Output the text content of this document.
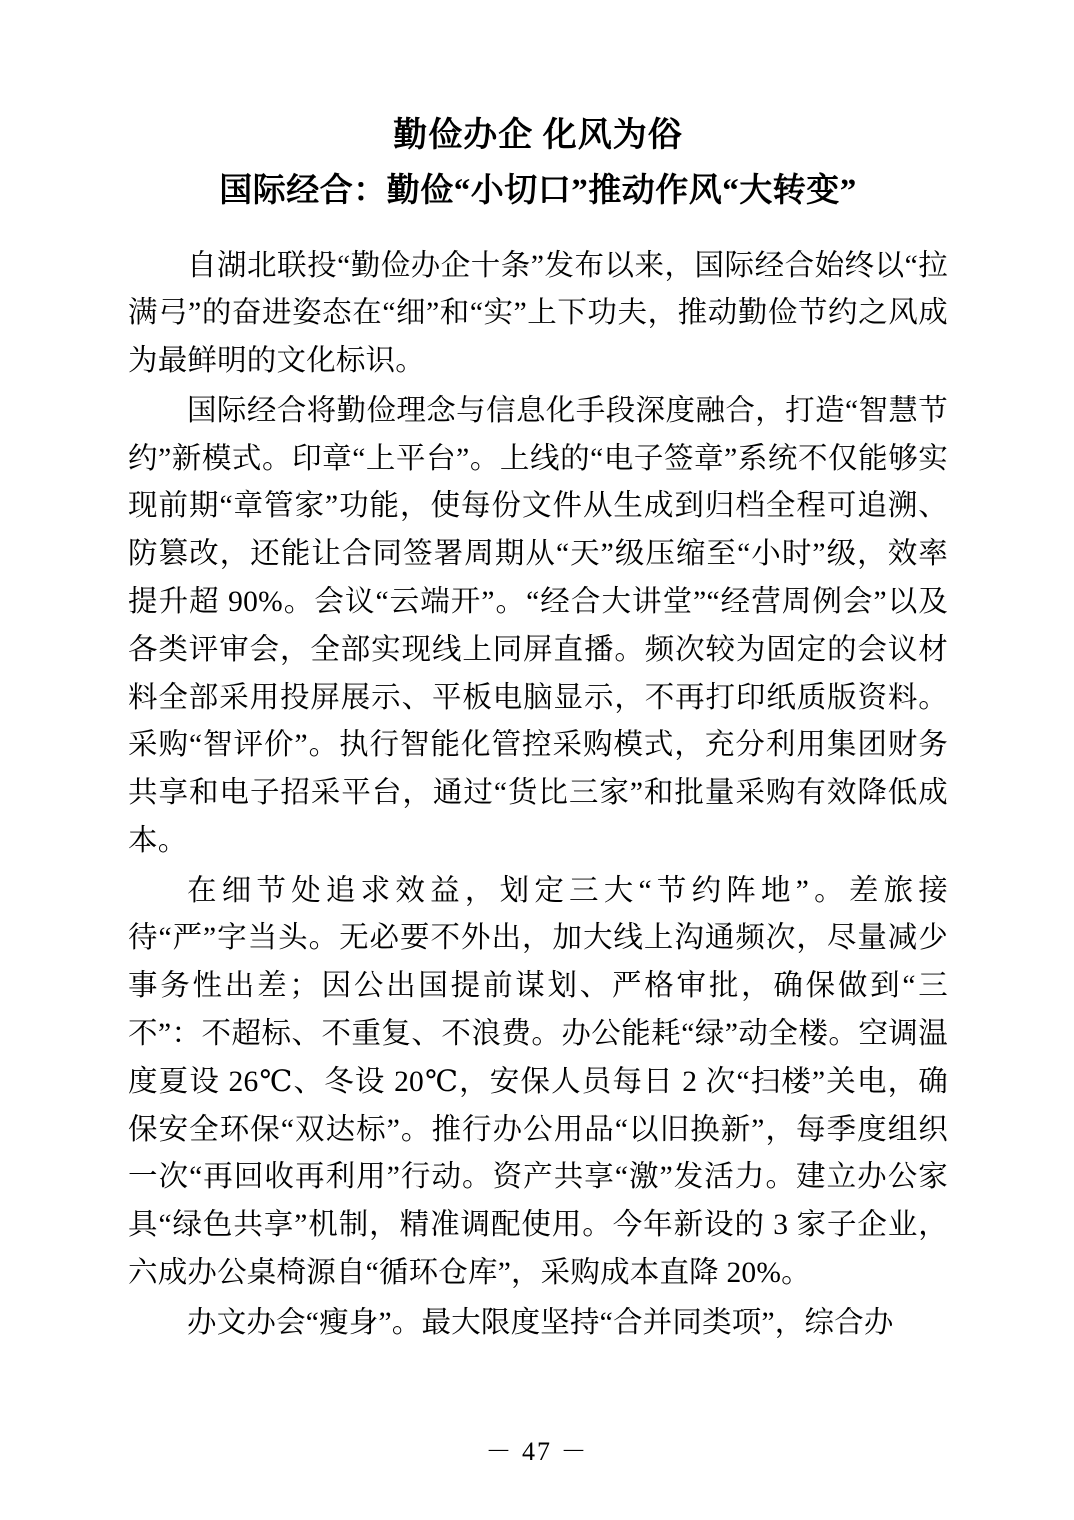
勤俭办企 化风为俗
国际经合：勤俭“小切口”推动作风“大转变”

自湖北联投“勤俭办企十条”发布以来，国际经合始终以“拉满弓”的奋进姿态在“细”和“实”上下功夫，推动勤俭节约之风成为最鲜明的文化标识。

国际经合将勤俭理念与信息化手段深度融合，打造“智慧节约”新模式。印章“上平台”。上线的“电子签章”系统不仅能够实现前期“章管家”功能，使每份文件从生成到归档全程可追溯、防篡改，还能让合同签署周期从“天”级压缩至“小时”级，效率提升超 90%。会议“云端开”。“经合大讲堂”“经营周例会”以及各类评审会，全部实现线上同屏直播。频次较为固定的会议材料全部采用投屏展示、平板电脑显示，不再打印纸质版资料。采购“智评价”。执行智能化管控采购模式，充分利用集团财务共享和电子招采平台，通过“货比三家”和批量采购有效降低成本。

在细节处追求效益，划定三大“节约阵地”。差旅接待“严”字当头。无必要不外出，加大线上沟通频次，尽量减少事务性出差；因公出国提前谋划、严格审批，确保做到“三不”：不超标、不重复、不浪费。办公能耗“绿”动全楼。空调温度夏设 26℃、冬设 20℃，安保人员每日 2 次“扫楼”关电，确保安全环保“双达标”。推行办公用品“以旧换新”，每季度组织一次“再回收再利用”行动。资产共享“激”发活力。建立办公家具“绿色共享”机制，精准调配使用。今年新设的 3 家子企业，六成办公桌椅源自“循环仓库”，采购成本直降 20%。

办文办会“瘦身”。最大限度坚持“合并同类项”，综合办

－ 47 －
